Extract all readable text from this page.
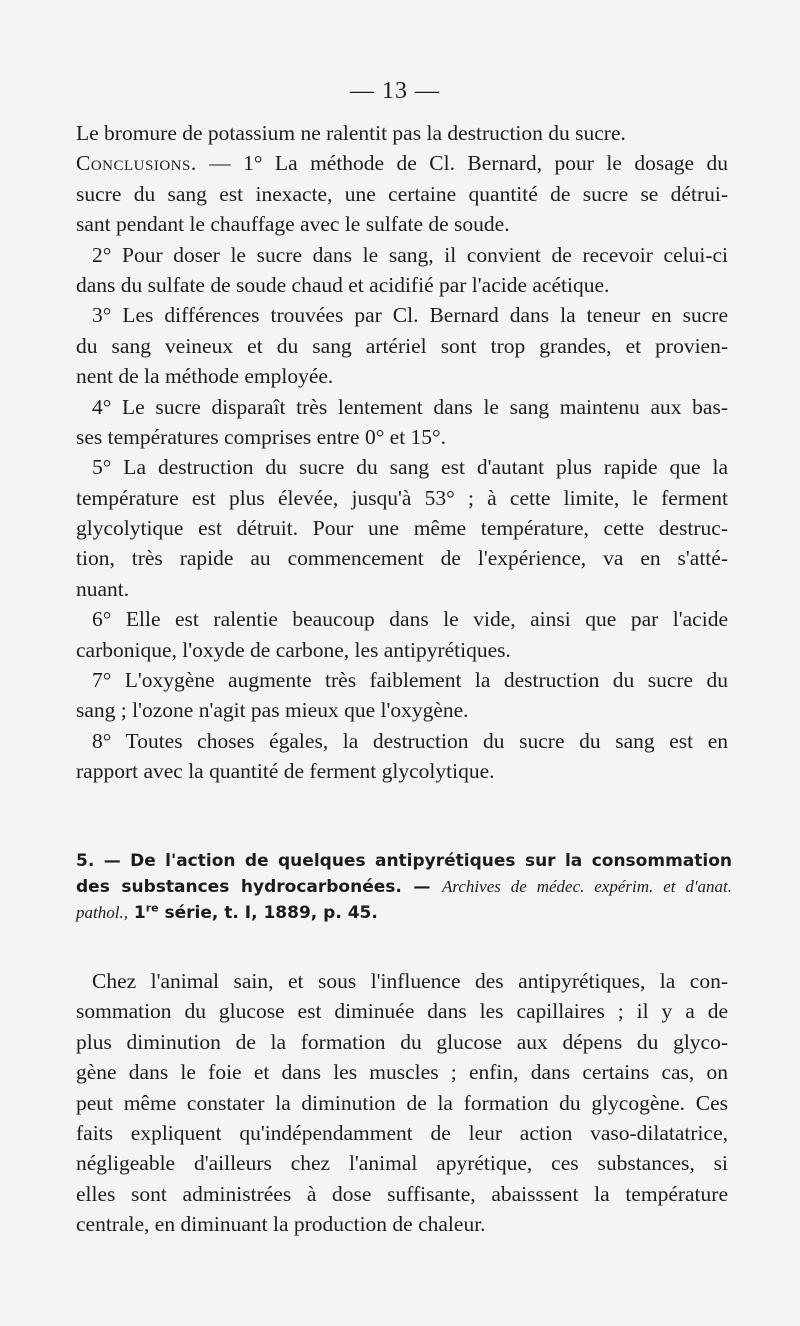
— 13 —
Le bromure de potassium ne ralentit pas la destruction du sucre.
Conclusions. — 1° La méthode de Cl. Bernard, pour le dosage du
sucre du sang est inexacte, une certaine quantité de sucre se détrui-
sant pendant le chauffage avec le sulfate de soude.
2° Pour doser le sucre dans le sang, il convient de recevoir celui-ci
dans du sulfate de soude chaud et acidifié par l'acide acétique.
3° Les différences trouvées par Cl. Bernard dans la teneur en sucre
du sang veineux et du sang artériel sont trop grandes, et provien-
nent de la méthode employée.
4° Le sucre disparaît très lentement dans le sang maintenu aux bas-
ses températures comprises entre 0° et 15°.
5° La destruction du sucre du sang est d'autant plus rapide que la
température est plus élevée, jusqu'à 53° ; à cette limite, le ferment
glycolytique est détruit. Pour une même température, cette destruc-
tion, très rapide au commencement de l'expérience, va en s'atté-
nuant.
6° Elle est ralentie beaucoup dans le vide, ainsi que par l'acide
carbonique, l'oxyde de carbone, les antipyrétiques.
7° L'oxygène augmente très faiblement la destruction du sucre du
sang ; l'ozone n'agit pas mieux que l'oxygène.
8° Toutes choses égales, la destruction du sucre du sang est en
rapport avec la quantité de ferment glycolytique.
5. — De l'action de quelques antipyrétiques sur la consommation
des substances hydrocarbonées. — Archives de médec. expérim. et d'anat.
pathol., 1re série, t. I, 1889, p. 45.
Chez l'animal sain, et sous l'influence des antipyrétiques, la con-
sommation du glucose est diminuée dans les capillaires ; il y a de
plus diminution de la formation du glucose aux dépens du glyco-
gène dans le foie et dans les muscles ; enfin, dans certains cas, on
peut même constater la diminution de la formation du glycogène. Ces
faits expliquent qu'indépendamment de leur action vaso-dilatatrice,
négligeable d'ailleurs chez l'animal apyrétique, ces substances, si
elles sont administrées à dose suffisante, abaisssent la température
centrale, en diminuant la production de chaleur.
